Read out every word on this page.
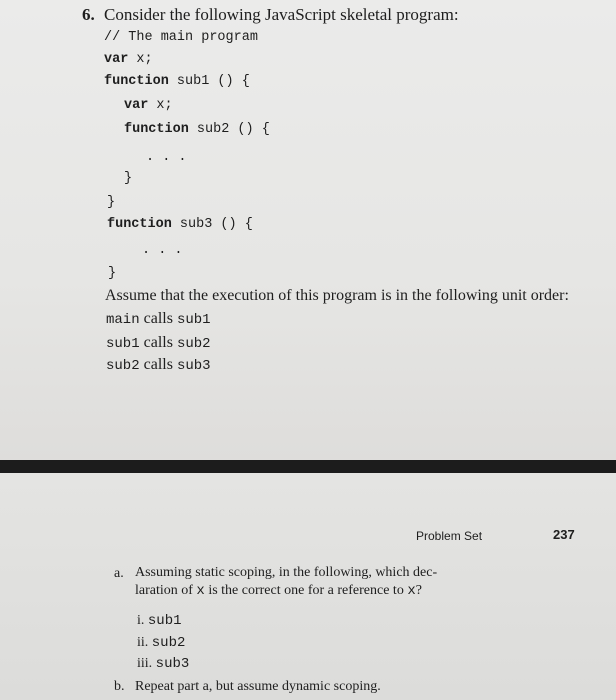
6. Consider the following JavaScript skeletal program:
// The main program
var x;
function sub1 () {
var x;
function sub2 () {
. . .
}
}
function sub3 () {
. . .
}
Assume that the execution of this program is in the following unit order:
main calls sub1
sub1 calls sub2
sub2 calls sub3
Problem Set	237
a. Assuming static scoping, in the following, which dec-
laration of x is the correct one for a reference to x?
i. sub1
ii. sub2
iii. sub3
b. Repeat part a, but assume dynamic scoping.
